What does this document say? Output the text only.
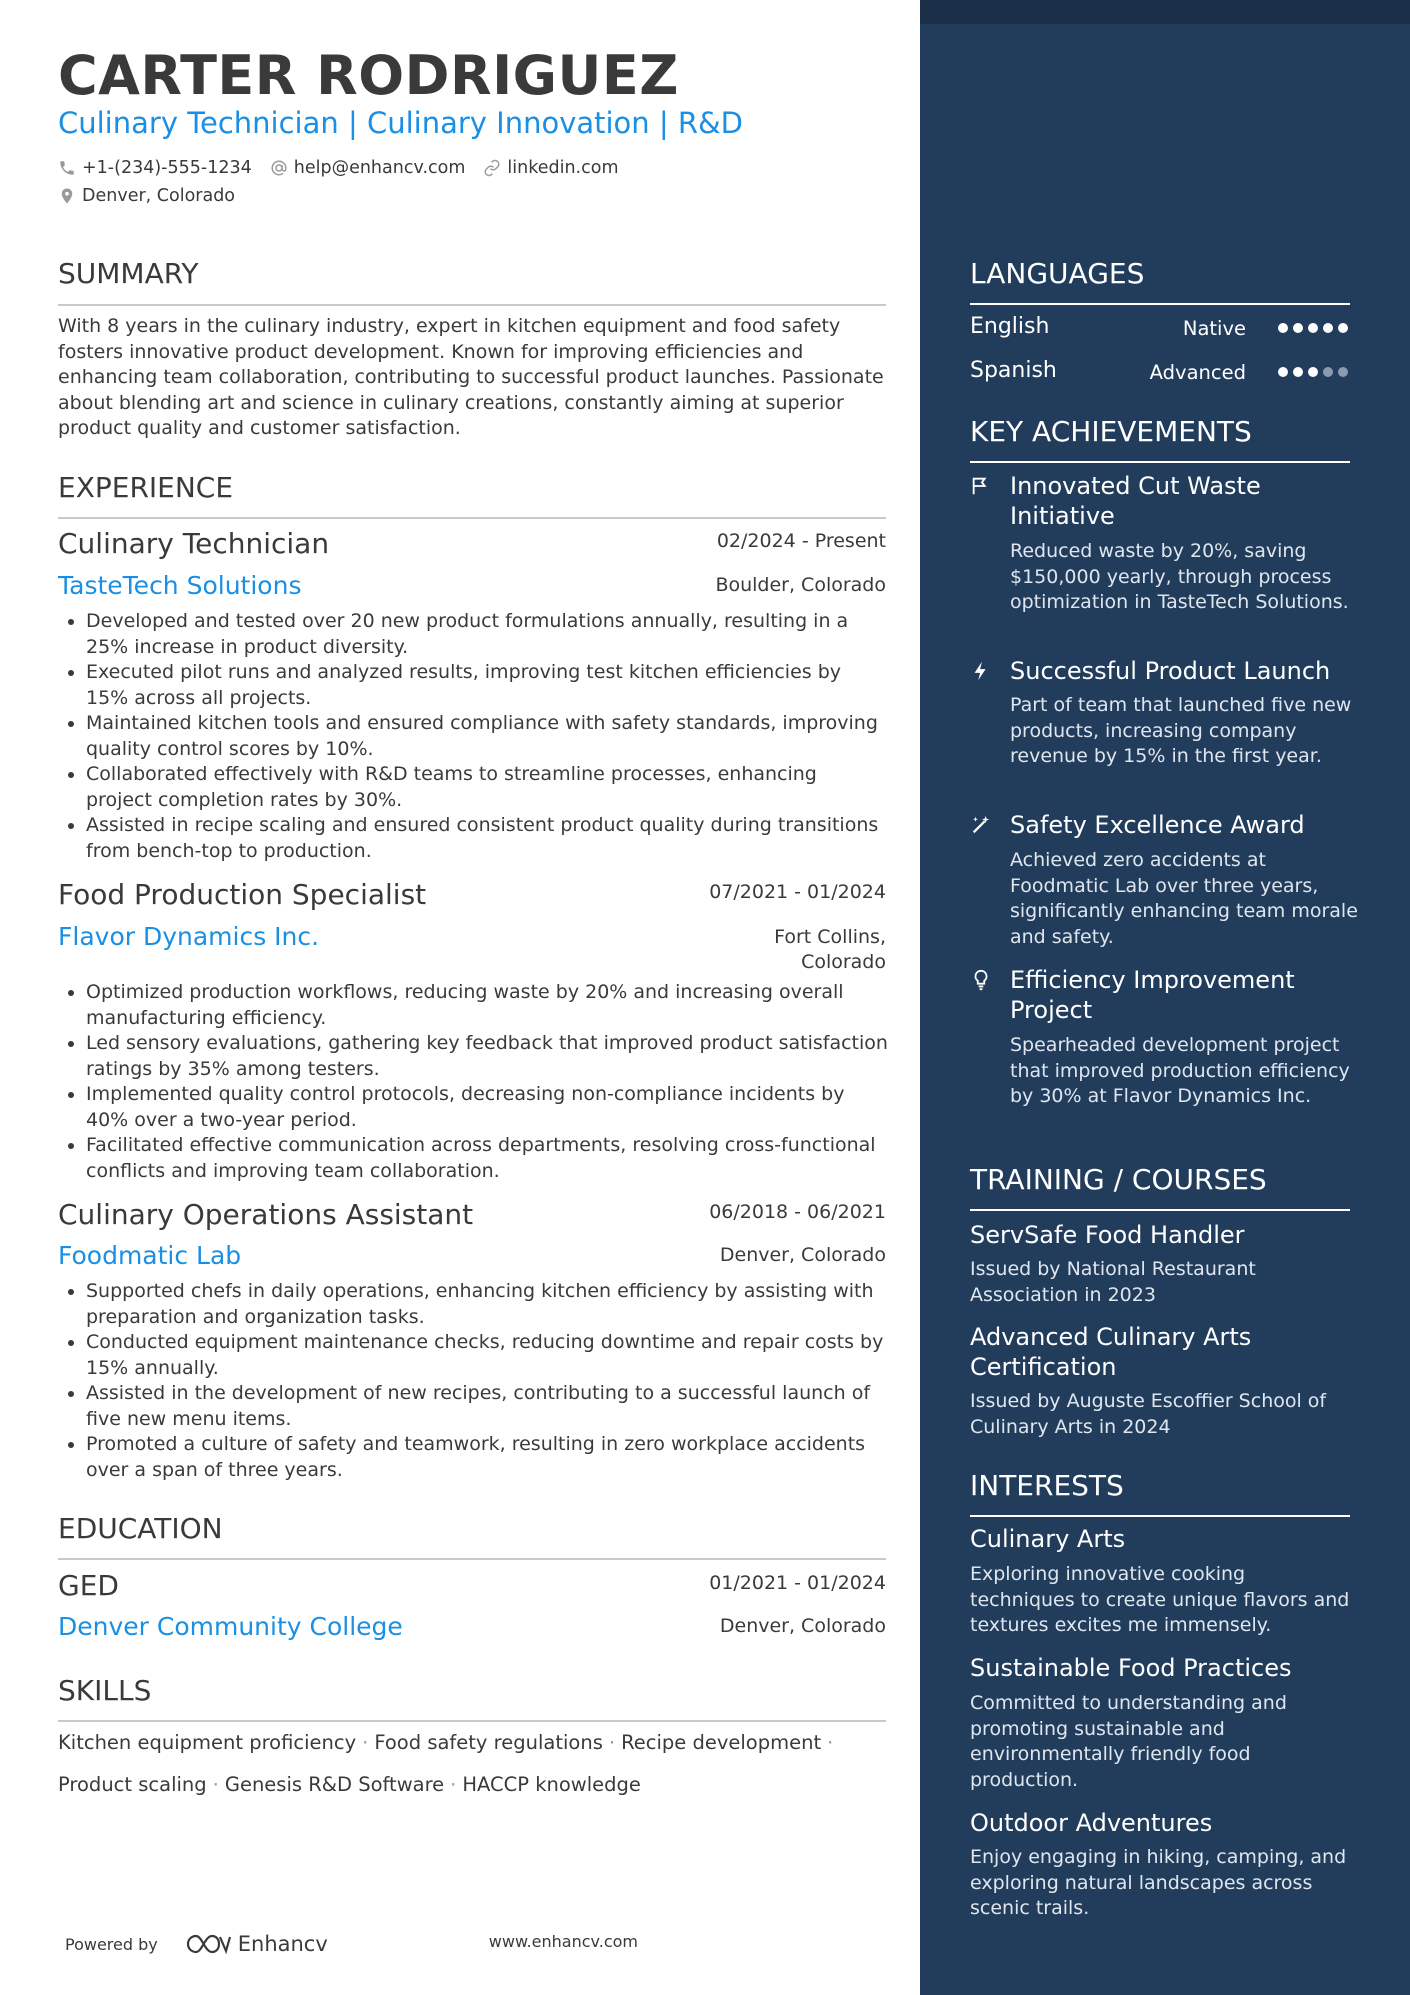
CARTER RODRIGUEZ
Culinary Technician | Culinary Innovation | R&D
+1-(234)-555-1234 help@enhancv.com linkedin.com
Denver, Colorado
SUMMARY
With 8 years in the culinary industry, expert in kitchen equipment and food safety fosters innovative product development. Known for improving efficiencies and enhancing team collaboration, contributing to successful product launches. Passionate about blending art and science in culinary creations, constantly aiming at superior product quality and customer satisfaction.
EXPERIENCE
Culinary Technician	02/2024 - Present
TasteTech Solutions	Boulder, Colorado
• Developed and tested over 20 new product formulations annually, resulting in a 25% increase in product diversity.
• Executed pilot runs and analyzed results, improving test kitchen efficiencies by 15% across all projects.
• Maintained kitchen tools and ensured compliance with safety standards, improving quality control scores by 10%.
• Collaborated effectively with R&D teams to streamline processes, enhancing project completion rates by 30%.
• Assisted in recipe scaling and ensured consistent product quality during transitions from bench-top to production.
Food Production Specialist	07/2021 - 01/2024
Flavor Dynamics Inc.	Fort Collins,
Colorado
• Optimized production workflows, reducing waste by 20% and increasing overall manufacturing efficiency.
• Led sensory evaluations, gathering key feedback that improved product satisfaction ratings by 35% among testers.
• Implemented quality control protocols, decreasing non-compliance incidents by 40% over a two-year period.
• Facilitated effective communication across departments, resolving cross-functional conflicts and improving team collaboration.
Culinary Operations Assistant	06/2018 - 06/2021
Foodmatic Lab	Denver, Colorado
• Supported chefs in daily operations, enhancing kitchen efficiency by assisting with preparation and organization tasks.
• Conducted equipment maintenance checks, reducing downtime and repair costs by 15% annually.
• Assisted in the development of new recipes, contributing to a successful launch of five new menu items.
• Promoted a culture of safety and teamwork, resulting in zero workplace accidents over a span of three years.
EDUCATION
GED	01/2021 - 01/2024
Denver Community College	Denver, Colorado
SKILLS
Kitchen equipment proficiency · Food safety regulations · Recipe development ·
Product scaling · Genesis R&D Software · HACCP knowledge
Powered by	Enhancv	www.enhancv.com
LANGUAGES
English	Native
Spanish	Advanced
KEY ACHIEVEMENTS
Innovated Cut Waste Initiative
Reduced waste by 20%, saving $150,000 yearly, through process optimization in TasteTech Solutions.
Successful Product Launch
Part of team that launched five new products, increasing company revenue by 15% in the first year.
Safety Excellence Award
Achieved zero accidents at Foodmatic Lab over three years, significantly enhancing team morale and safety.
Efficiency Improvement Project
Spearheaded development project that improved production efficiency by 30% at Flavor Dynamics Inc.
TRAINING / COURSES
ServSafe Food Handler
Issued by National Restaurant Association in 2023
Advanced Culinary Arts Certification
Issued by Auguste Escoffier School of Culinary Arts in 2024
INTERESTS
Culinary Arts
Exploring innovative cooking techniques to create unique flavors and textures excites me immensely.
Sustainable Food Practices
Committed to understanding and promoting sustainable and environmentally friendly food production.
Outdoor Adventures
Enjoy engaging in hiking, camping, and exploring natural landscapes across scenic trails.
